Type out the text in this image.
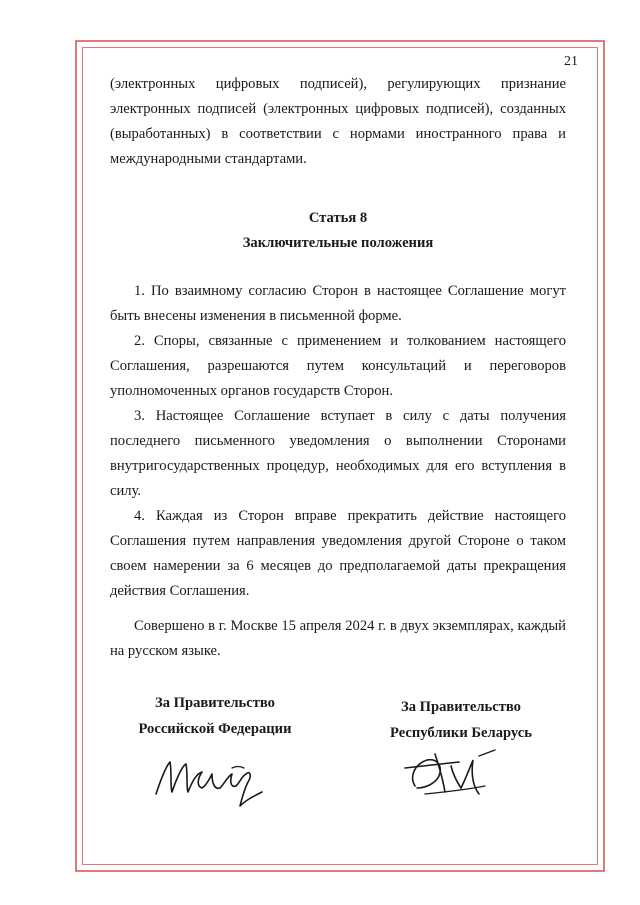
21

(электронных цифровых подписей), регулирующих признание электронных подписей (электронных цифровых подписей), созданных (выработанных) в соответствии с нормами иностранного права и международными стандартами.

Статья 8

Заключительные положения

1. По взаимному согласию Сторон в настоящее Соглашение могут быть внесены изменения в письменной форме.

2. Споры, связанные с применением и толкованием настоящего Соглашения, разрешаются путем консультаций и переговоров уполномоченных органов государств Сторон.

3. Настоящее Соглашение вступает в силу с даты получения последнего письменного уведомления о выполнении Сторонами внутригосударственных процедур, необходимых для его вступления в силу.

4. Каждая из Сторон вправе прекратить действие настоящего Соглашения путем направления уведомления другой Стороне о таком своем намерении за 6 месяцев до предполагаемой даты прекращения действия Соглашения.

Совершено в г. Москве 15 апреля 2024 г. в двух экземплярах, каждый на русском языке.

За Правительство
Российской Федерации
За Правительство
Республики Беларусь
